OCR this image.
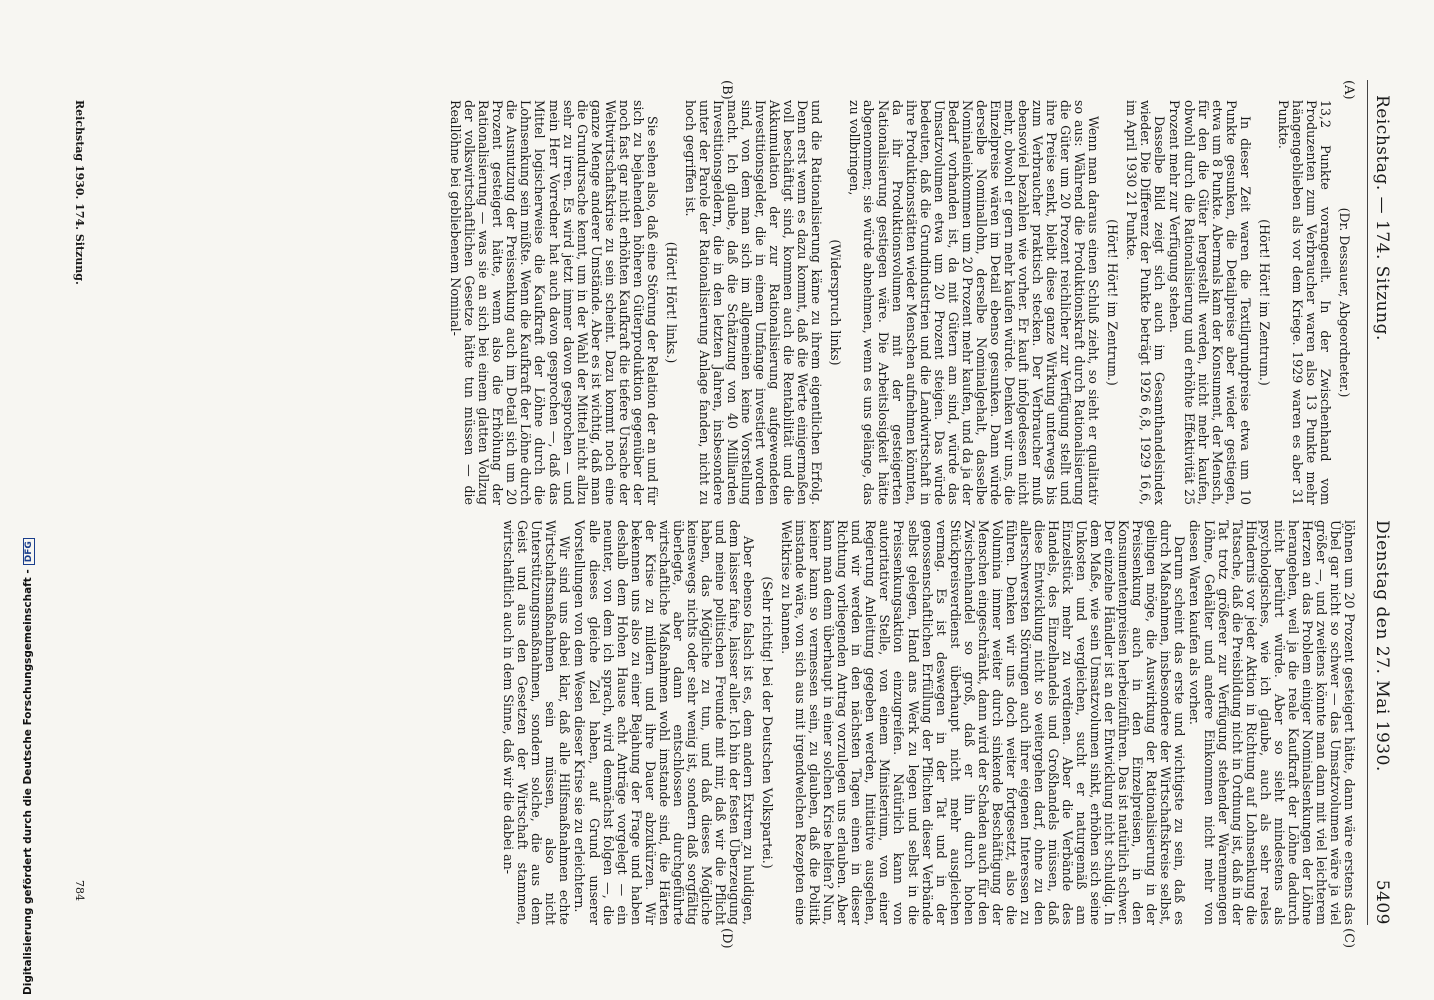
Reichstag. — 174. Sitzung.
Dienstag den 27. Mai 1930.
5409
(A)
(B)
(C)
(D)

(Dr. Dessauer, Abgeordneter.)

13,2 Punkte vorangeeilt. In der Zwischenhand vom Produzenten zum Verbraucher waren also 13 Punkte mehr hängengeblieben als vor dem Kriege. 1929 waren es aber 31 Punkte.

(Hört! Hört! im Zentrum.)

In dieser Zeit waren die Textilgrundpreise etwa um 10 Punkte gesunken, die Detailpreise aber wieder gestiegen, etwa um 8 Punkte. Abermals kam der Konsument, der Mensch, für den die Güter hergestellt werden, nicht mehr kaufen, obwohl durch die Rationalisierung und erhöhte Effektivität 25 Prozent mehr zur Verfügung stehen.

Dasselbe Bild zeigt sich auch im Gesamthandelsindex wieder. Die Differenz der Punkte beträgt 1926 6,8, 1929 16,6, im April 1930 21 Punkte.

(Hört! Hört! im Zentrum.)

Wenn man daraus einen Schluß zieht, so sieht er qualitativ so aus: Während die Produktionskraft durch Rationalisierung die Güter um 20 Prozent reichlicher zur Verfügung stellt und ihre Preise senkt, bleibt diese ganze Wirkung unterwegs bis zum Verbraucher praktisch stecken. Der Verbraucher muß ebensoviel bezahlen wie vorher. Er kauft infolgedessen nicht mehr, obwohl er gern mehr kaufen würde. Denken wir uns, die Einzelpreise wären im Detail ebenso gesunken. Dann würde derselbe Nominallohn, derselbe Nominalgehalt, dasselbe Nominaleinkommen um 20 Prozent mehr kaufen, und da ja der Bedarf vorhanden ist, da mit Gütern am sind, würde das Umsatzvolumen etwa um 20 Prozent steigen. Das würde bedeuten, daß die Grundindustrien und die Landwirtschaft in ihre Produktionsstätten wieder Menschen aufnehmen könnten, da ihr Produktionsvolumen mit der gesteigerten Nationalisierung gestiegen wäre. Die Arbeitslosigkeit hätte abgenommen; sie würde abnehmen, wenn es uns gelänge, das zu vollbringen,

(Widerspruch links)

und die Rationalisierung käme zu ihrem eigentlichen Erfolg. Denn erst wenn es dazu kommt, daß die Werte einigermaßen voll beschäftigt sind, kommen auch die Rentabilität und die Akkumulation der zur Rationalisierung aufgewendeten Investitionsgelder, die in einem Umfange investiert worden sind, von dem man sich im allgemeinen keine Vorstellung macht. Ich glaube, daß die Schätzung von 40 Milliarden Investitionsgeldern, die in den letzten Jahren, insbesondere unter der Parole der Rationalisierung Anlage fanden, nicht zu hoch gegriffen ist.

(Hört! Hört! links.)

Sie sehen also, daß eine Störung der Relation der an und für sich zu bejahenden höheren Güterproduktion gegenüber der noch fast gar nicht erhöhten Kaufkraft die tiefere Ursache der Weltwirtschaftskrise zu sein scheint. Dazu kommt noch eine ganze Menge anderer Umstände. Aber es ist wichtig, daß man die Grundursache kennt, um in der Wahl der Mittel nicht allzu sehr zu irren. Es wird jetzt immer davon gesprochen — und mein Herr Vorredner hat auch davon gesprochen —, daß das Mittel logischerweise die Kaufkraft der Löhne durch die Lohnsenkung sein müßte. Wenn die Kaufkraft der Löhne durch die Ausnutzung der Preissenkung auch im Detail sich um 20 Prozent gesteigert hätte, wenn also die Erhöhung der Rationalisierung — was sie an sich bei einem glatten Vollzug der volkswirtschaftlichen Gesetze hätte tun müssen — die Reallöhne bei gebliebenem Nominal-

löhnen um 20 Prozent gesteigert hätte, dann wäre erstens das Übel gar nicht so schwer — das Umsatzvolumen wäre ja viel größer —, und zweitens könnte man dann mit viel leichterem Herzen an das Problem einiger Nominalsenkungen der Löhne herangehen, weil ja die reale Kaufkraft der Löhne dadurch nicht berührt würde. Aber so sieht mindestens als psychologisches, wie ich glaube, auch als sehr reales Hindernis vor jeder Aktion in Richtung auf Lohnsenkung die Tatsache, daß die Preisbildung nicht in Ordnung ist, daß in der Tat trotz größerer zur Verfügung stehender Warenmengen Löhne, Gehälter und andere Einkommen nicht mehr von diesen Waren kaufen als vorher.

Darum scheint das erste und wichtigste zu sein, daß es durch Maßnahmen, insbesondere der Wirtschaftskreise selbst, gelingen möge, die Auswirkung der Rationalisierung in der Preissenkung auch in den Einzelpreisen, in den Konsumentenpreisen herbeizuführen. Das ist natürlich schwer. Der einzelne Händler ist an der Entwicklung nicht schuldig. In dem Maße, wie sein Umsatzvolumen sinkt, erhöhen sich seine Unkosten und vergleichen, sucht er naturgemäß am Einzelstück mehr zu verdienen. Aber die Verbände des Handels, des Einzelhandels und Großhandels müssen, daß diese Entwicklung nicht so weitergehen darf, ohne zu den allerschwersten Störungen auch ihrer eigenen Interessen zu führen. Denken wir uns doch weiter fortgesetzt, also die Volumina immer weiter durch sinkende Beschäftigung der Menschen eingeschränkt, dann wird der Schaden auch für den Zwischenhandel so groß, daß er ihn durch hohen Stückpreisverdienst überhaupt nicht mehr ausgleichen vermag. Es ist deswegen in der Tat und in der genossenschaftlichen Erfüllung der Pflichten dieser Verbände selbst gelegen, Hand ans Werk zu legen und selbst in die Preissenkungsaktion einzugreifen. Natürlich kann von autoritativer Stelle, von einem Ministerium, von einer Regierung Anleitung gegeben werden, Initiative ausgehen, und wir werden in den nächsten Tagen einen in dieser Richtung vorliegenden Antrag vorzulegen uns erlauben. Aber kann man denn überhaupt in einer solchen Krise helfen? Nun, keiner kann so vermessen sein, zu glauben, daß die Politik imstande wäre, von sich aus mit irgendwelchen Rezepten eine Weltkrise zu bannen.

(Sehr richtig! bei der Deutschen Volkspartei.)

Aber ebenso falsch ist es, dem andern Extrem zu huldigen, dem laisser faire, laisser aller. Ich bin der festen Überzeugung und meine politischen Freunde mit mir, daß wir die Pflicht haben, das Mögliche zu tun, und daß dieses Mögliche keineswegs nichts oder sehr wenig ist, sondern daß sorgfältig überlegte, aber dann entschlossen durchgeführte wirtschaftliche Maßnahmen wohl imstande sind, die Härten der Krise zu mildern und ihre Dauer abzukürzen. Wir bekennen uns also zu einer Bejahung der Frage und haben deshalb dem Hohen Hause acht Anträge vorgelegt — ein neunter, von dem ich sprach, wird demnächst folgen —, die alle dieses gleiche Ziel haben, auf Grund unserer Vorstellungen von dem Wesen dieser Krise sie zu erleichtern.

Wir sind uns dabei klar, daß alle Hilfsmaßnahmen echte Wirtschaftsmaßnahmen sein müssen, also nicht Unterstützungsmaßnahmen, sondern solche, die aus dem Geist und aus den Gesetzen der Wirtschaft stammen, wirtschaftlich auch in dem Sinne, daß wir die dabei an-

Reichstag 1930. 174. Sitzung.
784
Digitalisierung gefördert durch die Deutsche Forschungsgemeinschaft -DFG
